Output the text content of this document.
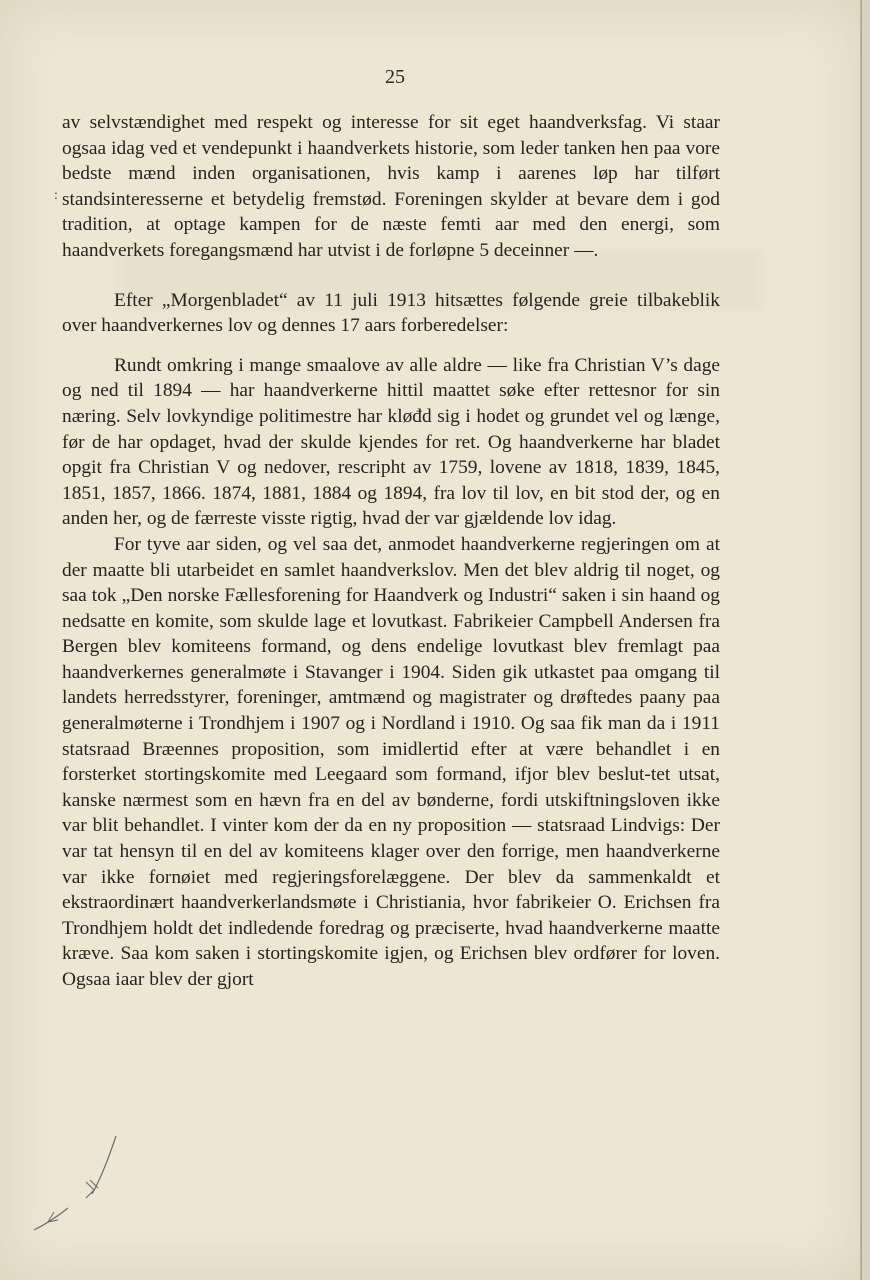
25
:

av selvstændighet med respekt og interesse for sit eget haandverksfag. Vi staar ogsaa idag ved et vendepunkt i haandverkets historie, som leder tanken hen paa vore bedste mænd inden organisationen, hvis kamp i aarenes løp har tilført standsinteresserne et betydelig fremstød. Foreningen skylder at bevare dem i god tradition, at optage kampen for de næste femti aar med den energi, som haandverkets foregangsmænd har utvist i de forløpne 5 deceinner —.

Efter „Morgenbladet“ av 11 juli 1913 hitsættes følgende greie tilbakeblik over haandverkernes lov og dennes 17 aars forberedelser:

Rundt omkring i mange smaalove av alle aldre — like fra Christian V’s dage og ned til 1894 — har haandverkerne hittil maattet søke efter rettesnor for sin næring. Selv lovkyndige politimestre har kløđd sig i hodet og grundet vel og længe, før de har opdaget, hvad der skulde kjendes for ret. Og haandverkerne har bladet opgit fra Christian V og nedover, rescripht av 1759, lovene av 1818, 1839, 1845, 1851, 1857, 1866. 1874, 1881, 1884 og 1894, fra lov til lov, en bit stod der, og en anden her, og de færreste visste rigtig, hvad der var gjældende lov idag.

For tyve aar siden, og vel saa det, anmodet haandverkerne regjeringen om at der maatte bli utarbeidet en samlet haandverkslov. Men det blev aldrig til noget, og saa tok „Den norske Fællesforening for Haandverk og Industri“ saken i sin haand og nedsatte en komite, som skulde lage et lovutkast. Fabrikeier Campbell Andersen fra Bergen blev komiteens formand, og dens endelige lovutkast blev fremlagt paa haandverkernes generalmøte i Stavanger i 1904. Siden gik utkastet paa omgang til landets herredsstyrer, foreninger, amtmænd og magistrater og drøftedes paany paa generalmøterne i Trondhjem i 1907 og i Nordland i 1910. Og saa fik man da i 1911 statsraad Bræennes proposition, som imidlertid efter at være behandlet i en forsterket stortingskomite med Leegaard som formand, ifjor blev beslut-tet utsat, kanske nærmest som en hævn fra en del av bønderne, fordi utskiftningsloven ikke var blit behandlet. I vinter kom der da en ny proposition — statsraad Lindvigs: Der var tat hensyn til en del av komiteens klager over den forrige, men haandverkerne var ikke fornøiet med regjeringsforelæggene. Der blev da sammenkaldt et ekstraordinært haandverkerlandsmøte i Christiania, hvor fabrikeier O. Erichsen fra Trondhjem holdt det indledende foredrag og præciserte, hvad haandverkerne maatte kræve. Saa kom saken i stortingskomite igjen, og Erichsen blev ordfører for loven. Ogsaa iaar blev der gjort
